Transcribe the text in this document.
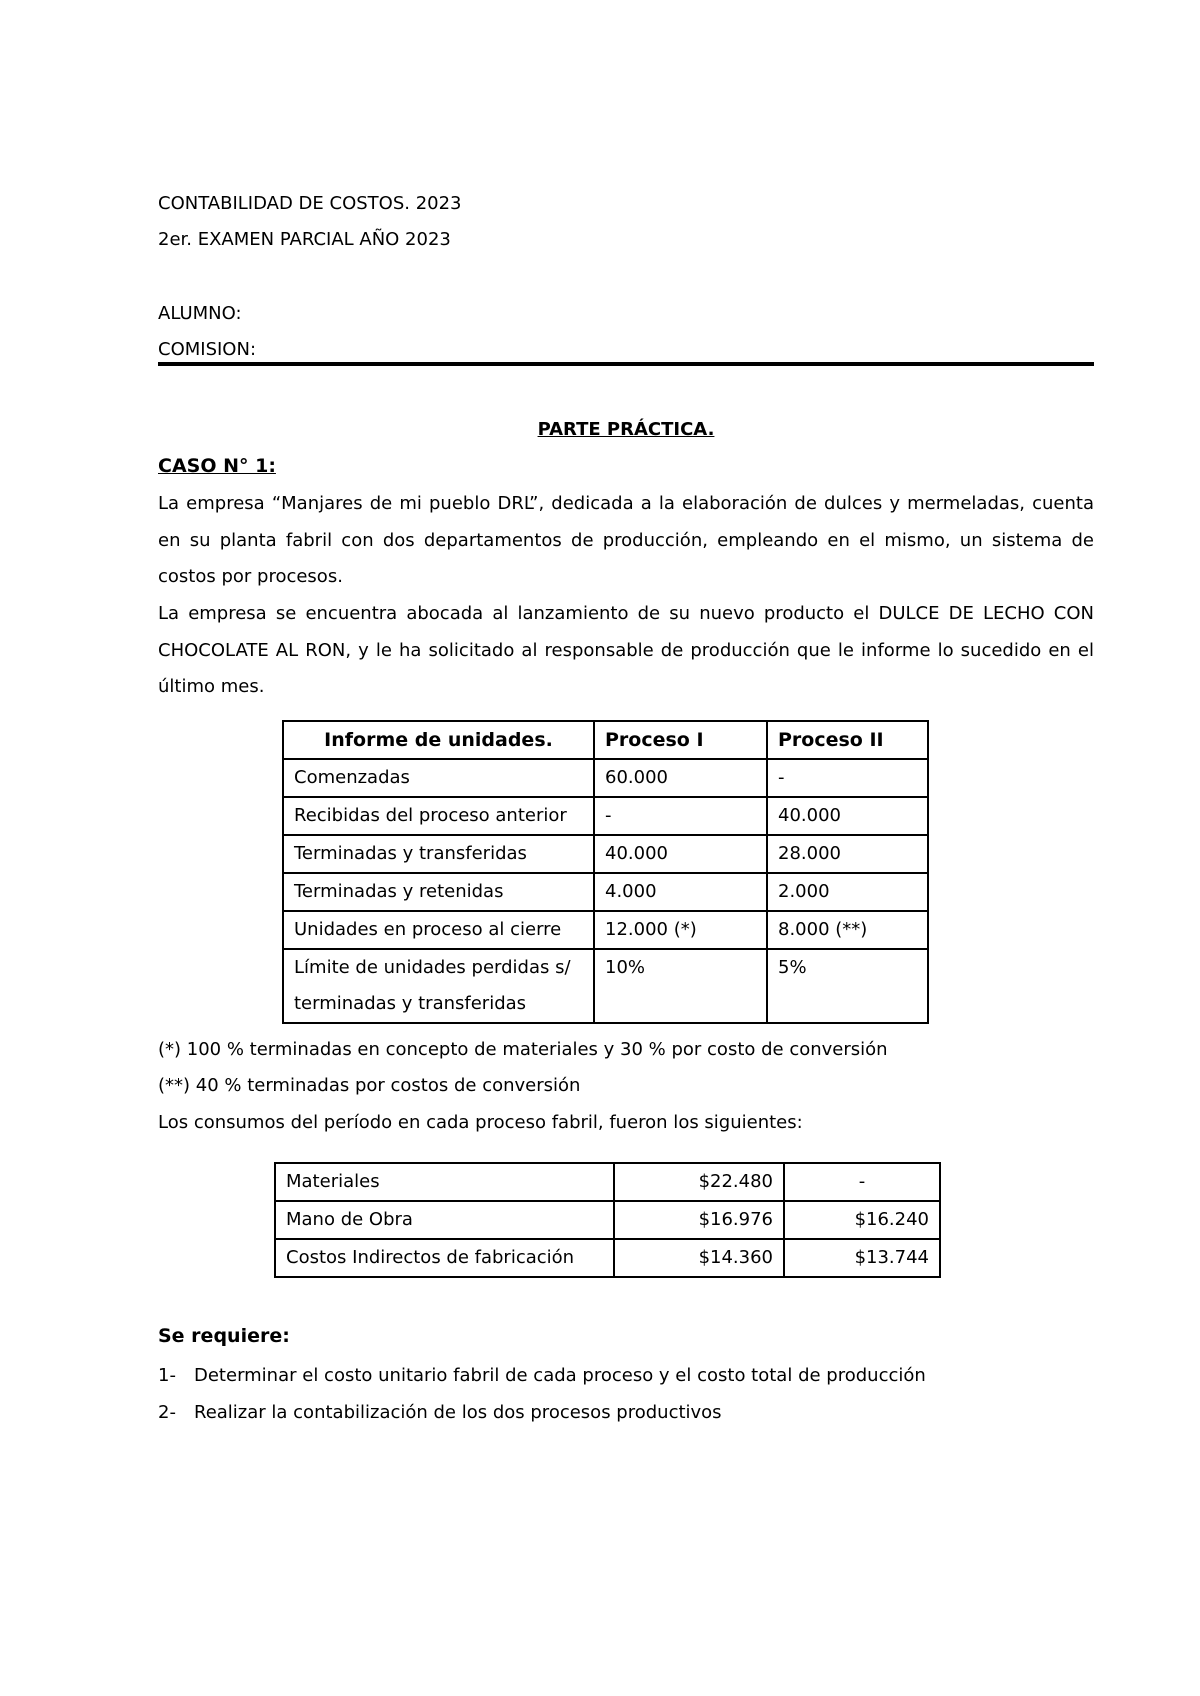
CONTABILIDAD DE COSTOS. 2023

2er. EXAMEN PARCIAL AÑO 2023

ALUMNO:

COMISION:

PARTE PRÁCTICA.
CASO N° 1:

La empresa “Manjares de mi pueblo DRL”, dedicada a la elaboración de dulces y mermeladas, cuenta en su planta fabril con dos departamentos de producción, empleando en el mismo, un sistema de costos por procesos.

La empresa se encuentra abocada al lanzamiento de su nuevo producto el DULCE DE LECHO CON CHOCOLATE AL RON, y le ha solicitado al responsable de producción que le informe lo sucedido en el último mes.

Informe de unidades.	Proceso I	Proceso II
Comenzadas	60.000	-
Recibidas del proceso anterior	-	40.000
Terminadas y transferidas	40.000	28.000
Terminadas y retenidas	4.000	2.000
Unidades en proceso al cierre	12.000 (*)	8.000 (**)
Límite de unidades perdidas s/ terminadas y transferidas	10%	5%

(*) 100 % terminadas en concepto de materiales y 30 % por costo de conversión

(**) 40 % terminadas por costos de conversión

Los consumos del período en cada proceso fabril, fueron los siguientes:

Materiales	$22.480	-
Mano de Obra	$16.976	$16.240
Costos Indirectos de fabricación	$14.360	$13.744
Se requiere:
1- Determinar el costo unitario fabril de cada proceso y el costo total de producción
2- Realizar la contabilización de los dos procesos productivos
